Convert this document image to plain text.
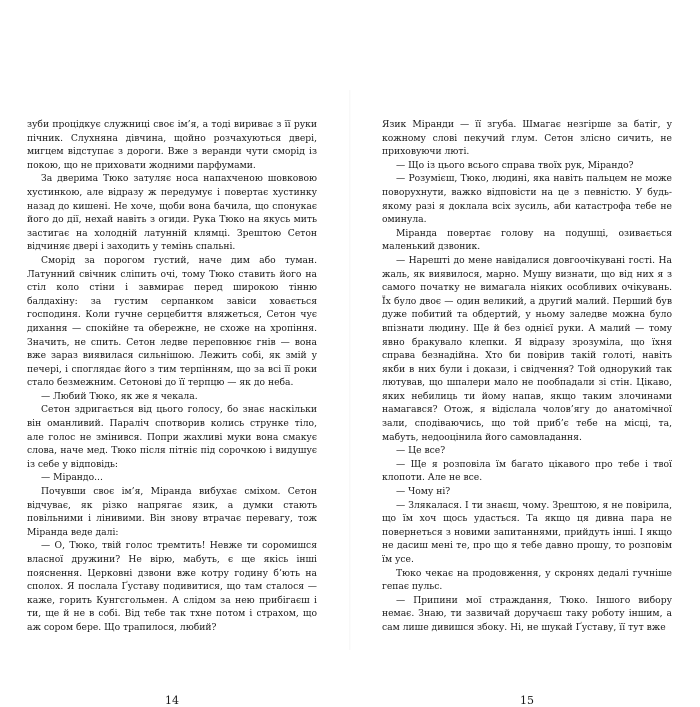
зуби процідкує служниці своє ім’я, а тоді вириває з її руки пічник. Слухняна дівчина, щойно розчахуються двері, мигцем відступає з дороги. Вже з веранди чути сморід із покою, що не приховати жодними парфумами.

За дверима Тюко затуляє носа напахченою шовковою хустинкою, але відразу ж передумує і повертає хустинку назад до кишені. Не хоче, щоби вона бачила, що спонукає його до дії, нехай навіть з огиди. Рука Тюко на якусь мить застигає на холодній латунній клямці. Зрештою Сетон відчиняє двері і заходить у темінь спальні.

Сморід за порогом густий, наче дим або туман. Латунний свічник сліпить очі, тому Тюко ставить його на стіл коло стіни і завмирає перед широкою тінню балдахіну: за густим серпанком завіси ховається господиня. Коли гучне серцебиття вляжеться, Сетон чує дихання — спокійне та обережне, не схоже на хропіння. Значить, не спить. Сетон ледве переповнює гнів — вона вже зараз виявилася сильнішою. Лежить собі, як змій у печері, і споглядає його з тим терпінням, що за всі її роки стало безмежним. Сетонові до її терпцю — як до неба.

— Любий Тюко, як же я чекала.

Сетон здригається від цього голосу, бо знає наскільки він оманливий. Параліч спотворив колись струнке тіло, але голос не змінився. Попри жахливі муки вона смакує слова, наче мед. Тюко після пітніє під сорочкою і видушує із себе у відповідь:

— Мірандо...

Почувши своє ім’я, Міранда вибухає сміхом. Сетон відчуває, як різко напрягає язик, а думки стають повільними і лінивими. Він знову втрачає перевагу, тож Міранда веде далі:

— О, Тюко, твій голос тремтить! Невже ти соромишся власної дружини? Не вірю, мабуть, є ще якісь інші пояснення. Церковні дзвони вже котру годину б’ють на сполох. Я послала Ґуставу подивитися, що там сталося — каже, горить Кунгсгольмен. А слідом за нею прибігаєш і ти, ще й не в собі. Від тебе так тхне потом і страхом, що аж сором бере. Що трапилося, любий?

14

Язик Міранди — її згуба. Шмагає незгірше за батіг, у кожному слові пекучий глум. Сетон злісно сичить, не приховуючи люті.

— Що із цього всього справа твоїх рук, Мірандо?

— Розумієш, Тюко, людині, яка навіть пальцем не може поворухнути, важко відповісти на це з певністю. У будь-якому разі я доклала всіх зусиль, аби катастрофа тебе не оминула.

Міранда повертає голову на подушці, озивається маленький дзвоник.

— Нарешті до мене навідалися довгоочікувані гості. На жаль, як виявилося, марно. Мушу визнати, що від них я з самого початку не вимагала ніяких особливих очікувань. Їх було двоє — один великий, а другий малий. Перший був дуже побитий та обдертий, у ньому заледве можна було впізнати людину. Ще й без однієї руки. А малий — тому явно бракувало клепки. Я відразу зрозуміла, що їхня справа безнадійна. Хто би повірив такій голоті, навіть якби в них були і докази, і свідчення? Той однорукий так лютував, що шпалери мало не пообпадали зі стін. Цікаво, яких небилиць ти йому напав, якщо таким злочинами намагався? Отож, я відіслала чолов’ягу до анатомічної зали, сподіваючись, що той приб’є тебе на місці, та, мабуть, недооцінила його самовладання.

— Це все?

— Ще я розповіла їм багато цікавого про тебе і твої клопоти. Але не все.

— Чому ні?

— Злякалася. І ти знаєш, чому. Зрештою, я не повірила, що їм хоч щось удасться. Та якщо ця дивна пара не повернеться з новими запитаннями, прийдуть інші. І якщо не дасиш мені те, про що я тебе давно прошу, то розповім їм усе.

Тюко чекає на продовження, у скронях дедалі гучніше гепає пульс.

— Припини мої страждання, Тюко. Іншого вибору немає. Знаю, ти зазвичай доручаєш таку роботу іншим, а сам лише дивишся збоку. Ні, не шукай Ґуставу, її тут вже

15
